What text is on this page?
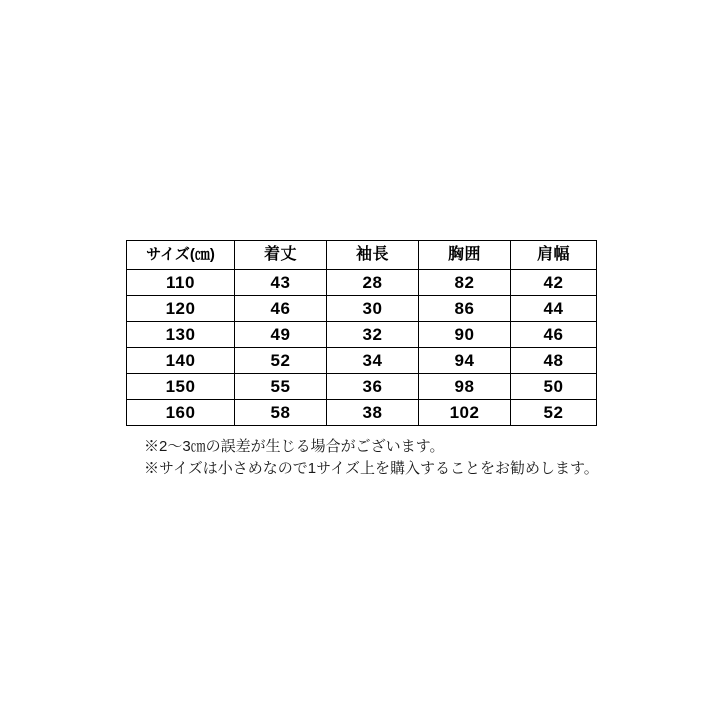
サイズ(㎝)	着丈	袖長	胸囲	肩幅
110	43	28	82	42
120	46	30	86	44
130	49	32	90	46
140	52	34	94	48
150	55	36	98	50
160	58	38	102	52
※2～3㎝の誤差が生じる場合がございます。
※サイズは小さめなので1サイズ上を購入することをお勧めします。
